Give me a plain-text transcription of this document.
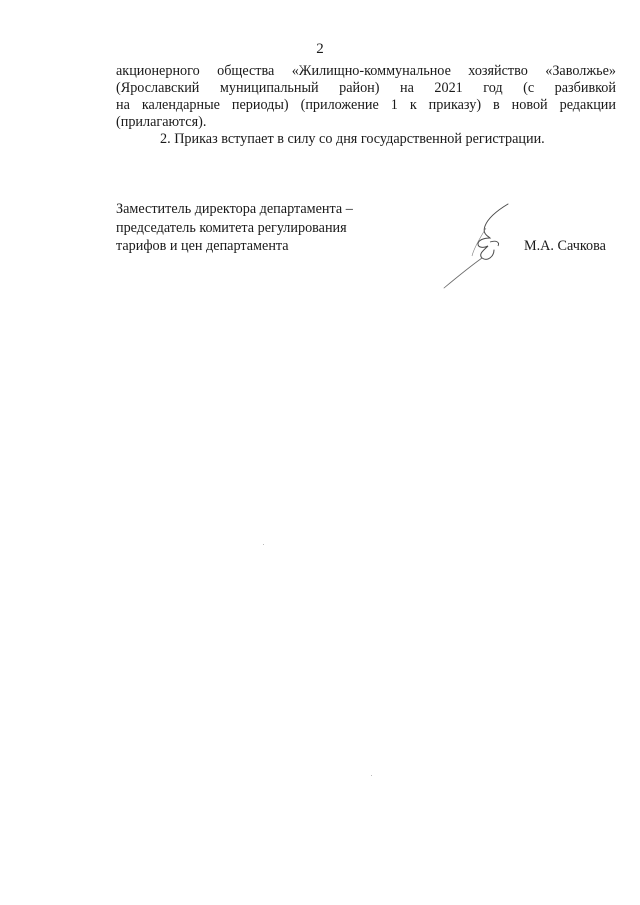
2
акционерного общества «Жилищно-коммунальное хозяйство «Заволжье»
(Ярославский муниципальный район) на 2021 год (с разбивкой
на календарные периоды) (приложение 1 к приказу) в новой редакции
(прилагаются).
2. Приказ вступает в силу со дня государственной регистрации.
Заместитель директора департамента –
председатель комитета регулирования
тарифов и цен департамента	М.А. Сачкова
